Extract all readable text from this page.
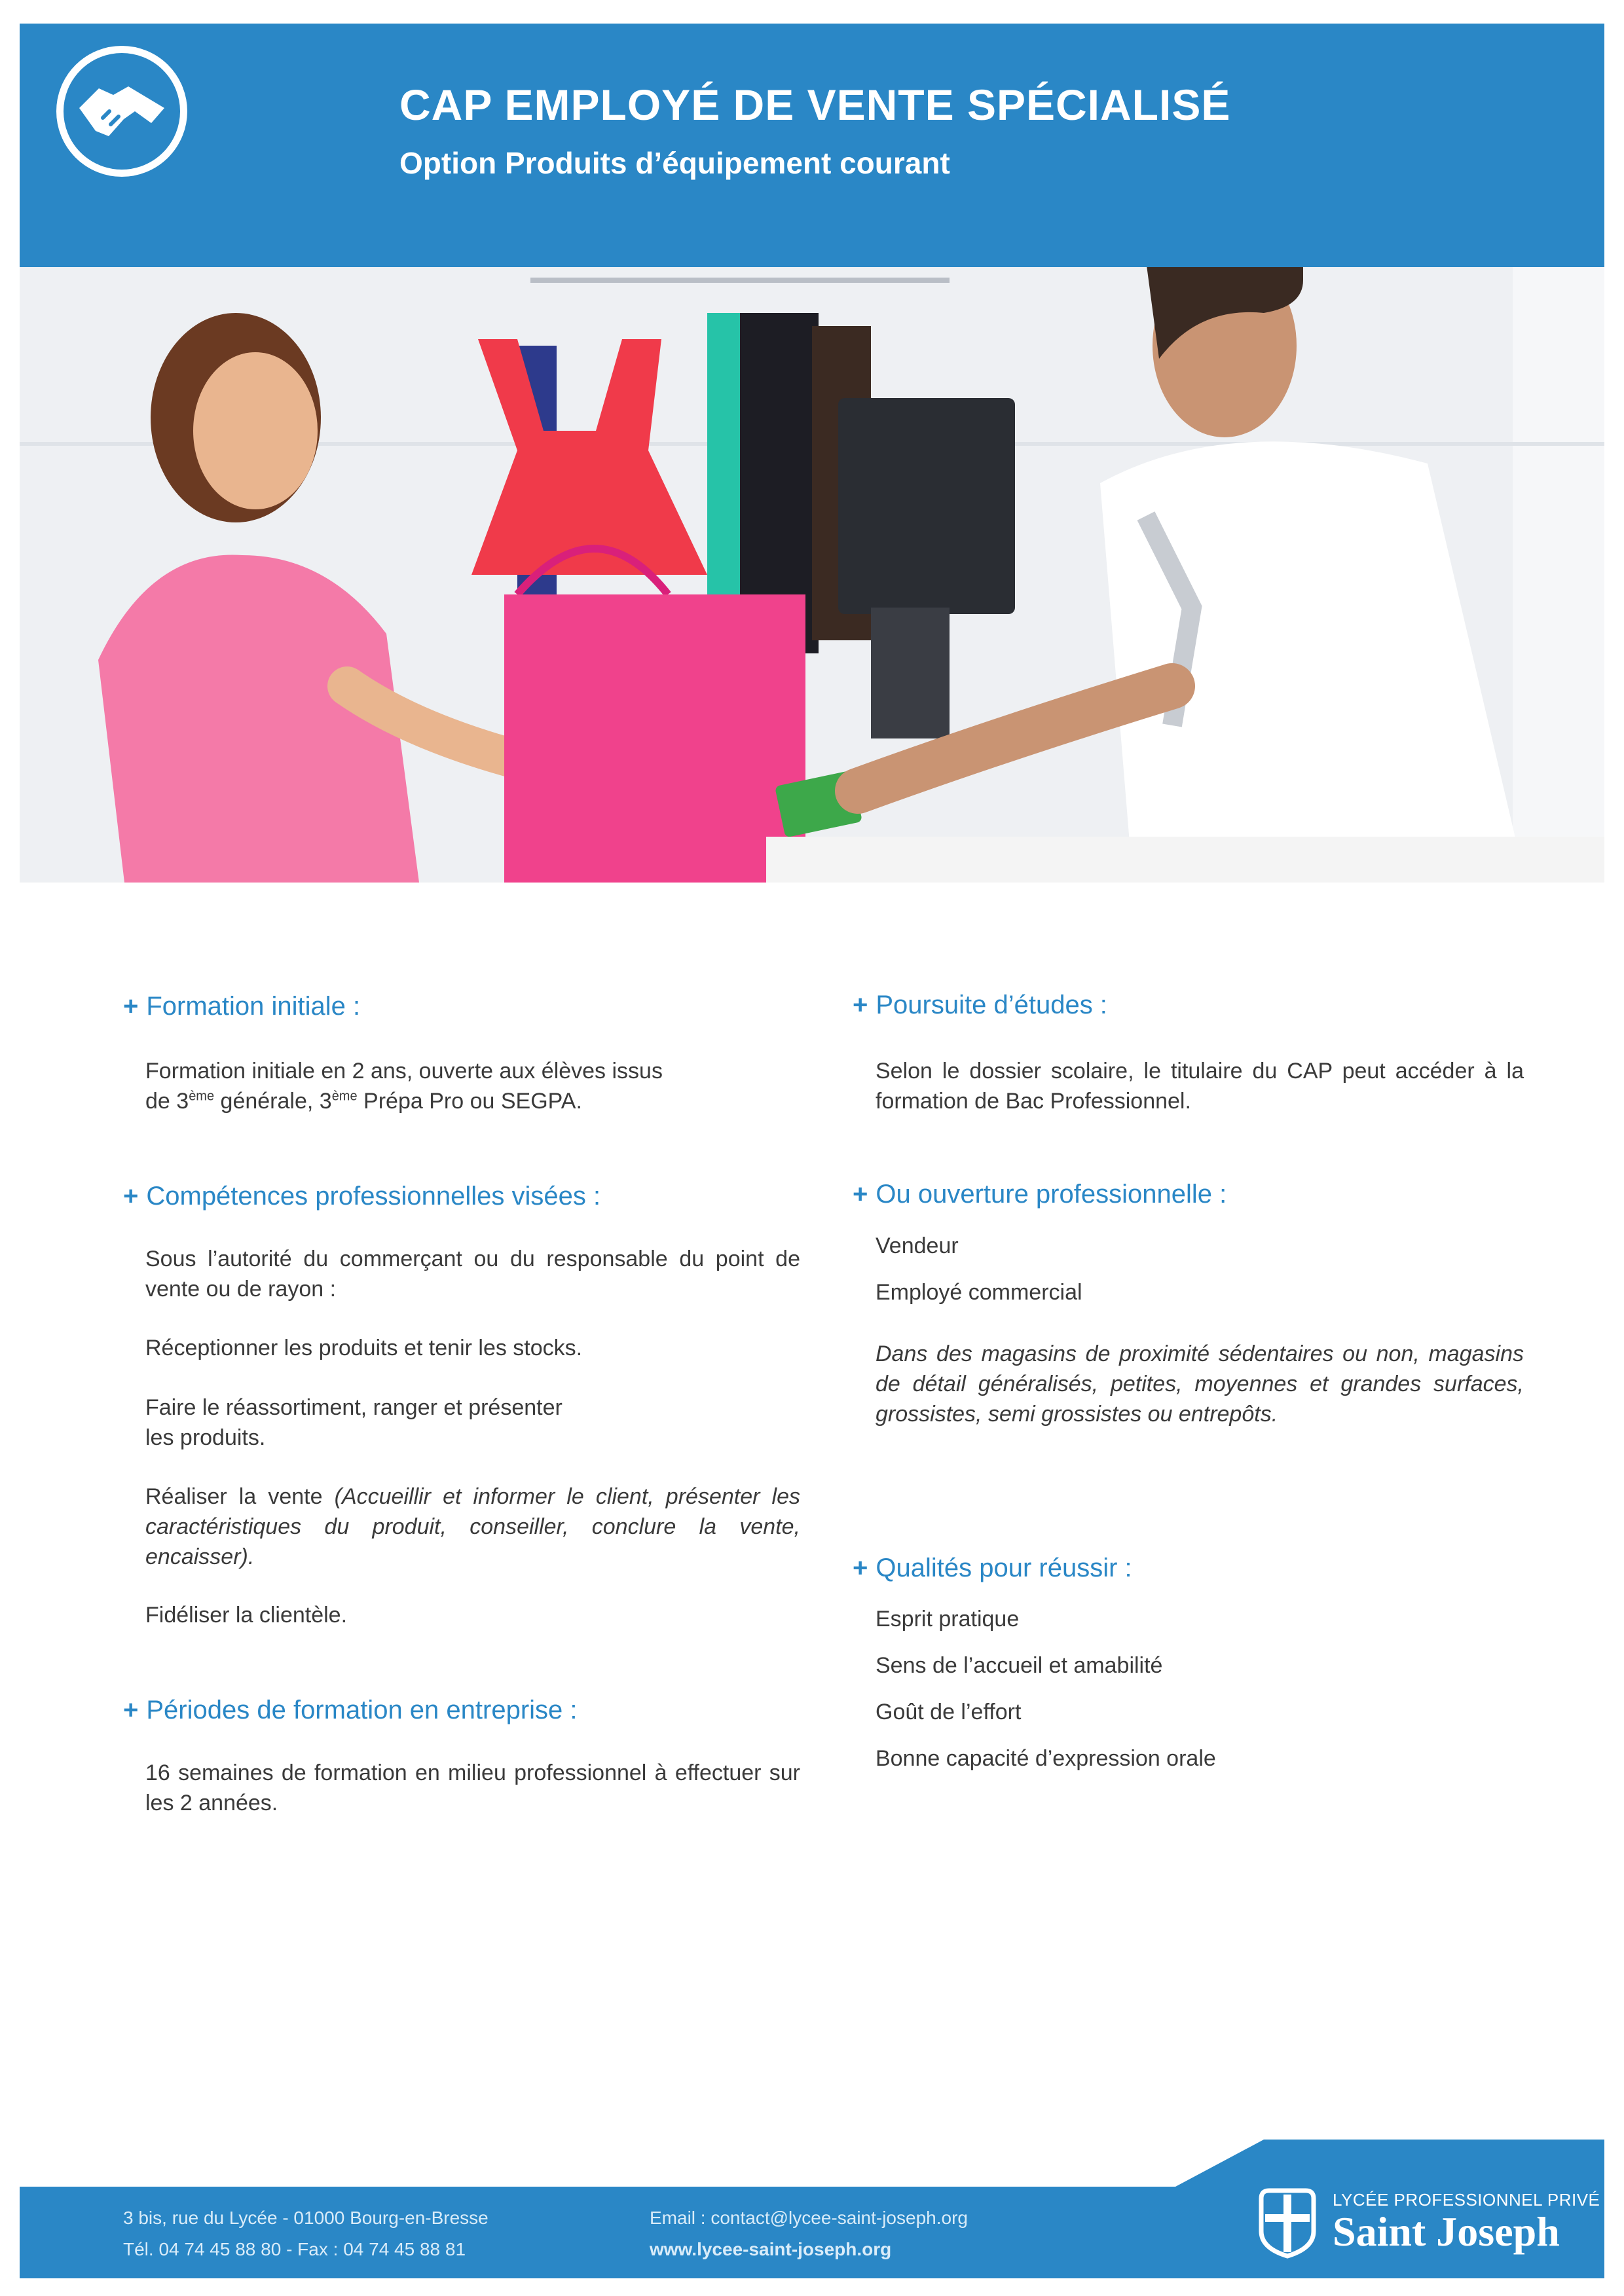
CAP EMPLOYÉ DE VENTE SPÉCIALISÉ
Option Produits d’équipement courant
+ Formation initiale :
Formation initiale en 2 ans, ouverte aux élèves issus
de 3ème générale, 3ème Prépa Pro ou SEGPA.
+ Compétences professionnelles visées :
Sous l’autorité du commerçant ou du responsable du point de vente ou de rayon :
Réceptionner les produits et tenir les stocks.
Faire le réassortiment, ranger et présenter
les produits.
Réaliser la vente (Accueillir et informer le client, présenter les caractéristiques du produit, conseiller, conclure la vente, encaisser).
Fidéliser la clientèle.
+ Périodes de formation en entreprise :
16 semaines de formation en milieu professionnel à effectuer sur les 2 années.
+ Poursuite d’études :
Selon le dossier scolaire, le titulaire du CAP peut accéder à la formation de Bac Professionnel.
+ Ou ouverture professionnelle :
Vendeur
Employé commercial
Dans des magasins de proximité sédentaires ou non, magasins de détail généralisés, petites, moyennes et grandes surfaces, grossistes, semi grossistes ou entrepôts.
+ Qualités pour réussir :
Esprit pratique
Sens de l’accueil et amabilité
Goût de l’effort
Bonne capacité d’expression orale
3 bis, rue du Lycée - 01000 Bourg-en-Bresse
Tél. 04 74 45 88 80 - Fax : 04 74 45 88 81
Email : contact@lycee-saint-joseph.org
www.lycee-saint-joseph.org
LYCÉE PROFESSIONNEL PRIVÉ
Saint Joseph
